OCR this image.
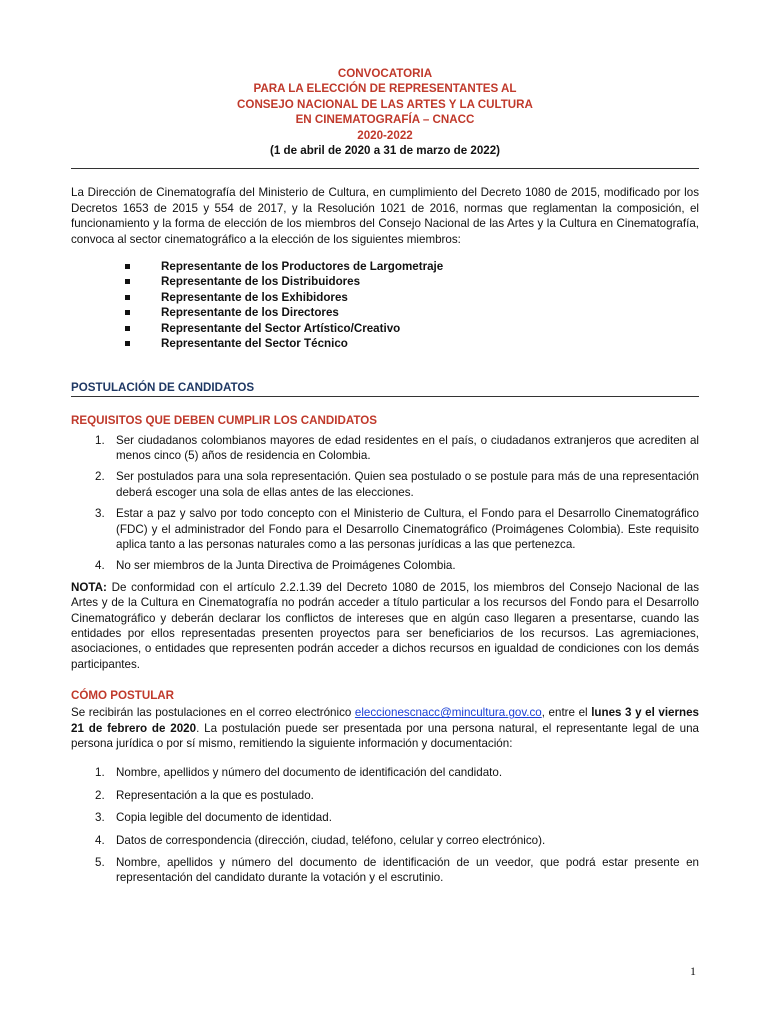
CONVOCATORIA
PARA LA ELECCIÓN DE REPRESENTANTES AL
CONSEJO NACIONAL DE LAS ARTES Y LA CULTURA
EN CINEMATOGRAFÍA – CNACC
2020-2022
(1 de abril de 2020 a 31 de marzo de 2022)

La Dirección de Cinematografía del Ministerio de Cultura, en cumplimiento del Decreto 1080 de 2015, modificado por los Decretos 1653 de 2015 y 554 de 2017, y la Resolución 1021 de 2016, normas que reglamentan la composición, el funcionamiento y la forma de elección de los miembros del Consejo Nacional de las Artes y la Cultura en Cinematografía, convoca al sector cinematográfico a la elección de los siguientes miembros:

Representante de los Productores de Largometraje
Representante de los Distribuidores
Representante de los Exhibidores
Representante de los Directores
Representante del Sector Artístico/Creativo
Representante del Sector Técnico
POSTULACIÓN DE CANDIDATOS
REQUISITOS QUE DEBEN CUMPLIR LOS CANDIDATOS
1. Ser ciudadanos colombianos mayores de edad residentes en el país, o ciudadanos extranjeros que acrediten al menos cinco (5) años de residencia en Colombia.
2. Ser postulados para una sola representación. Quien sea postulado o se postule para más de una representación deberá escoger una sola de ellas antes de las elecciones.
3. Estar a paz y salvo por todo concepto con el Ministerio de Cultura, el Fondo para el Desarrollo Cinematográfico (FDC) y el administrador del Fondo para el Desarrollo Cinematográfico (Proimágenes Colombia). Este requisito aplica tanto a las personas naturales como a las personas jurídicas a las que pertenezca.
4. No ser miembros de la Junta Directiva de Proimágenes Colombia.

NOTA: De conformidad con el artículo 2.2.1.39 del Decreto 1080 de 2015, los miembros del Consejo Nacional de las Artes y de la Cultura en Cinematografía no podrán acceder a título particular a los recursos del Fondo para el Desarrollo Cinematográfico y deberán declarar los conflictos de intereses que en algún caso llegaren a presentarse, cuando las entidades por ellos representadas presenten proyectos para ser beneficiarios de los recursos. Las agremiaciones, asociaciones, o entidades que representen podrán acceder a dichos recursos en igualdad de condiciones con los demás participantes.

CÓMO POSTULAR

Se recibirán las postulaciones en el correo electrónico eleccionescnacc@mincultura.gov.co, entre el lunes 3 y el viernes 21 de febrero de 2020. La postulación puede ser presentada por una persona natural, el representante legal de una persona jurídica o por sí mismo, remitiendo la siguiente información y documentación:

1. Nombre, apellidos y número del documento de identificación del candidato.
2. Representación a la que es postulado.
3. Copia legible del documento de identidad.
4. Datos de correspondencia (dirección, ciudad, teléfono, celular y correo electrónico).
5. Nombre, apellidos y número del documento de identificación de un veedor, que podrá estar presente en representación del candidato durante la votación y el escrutinio.
1
